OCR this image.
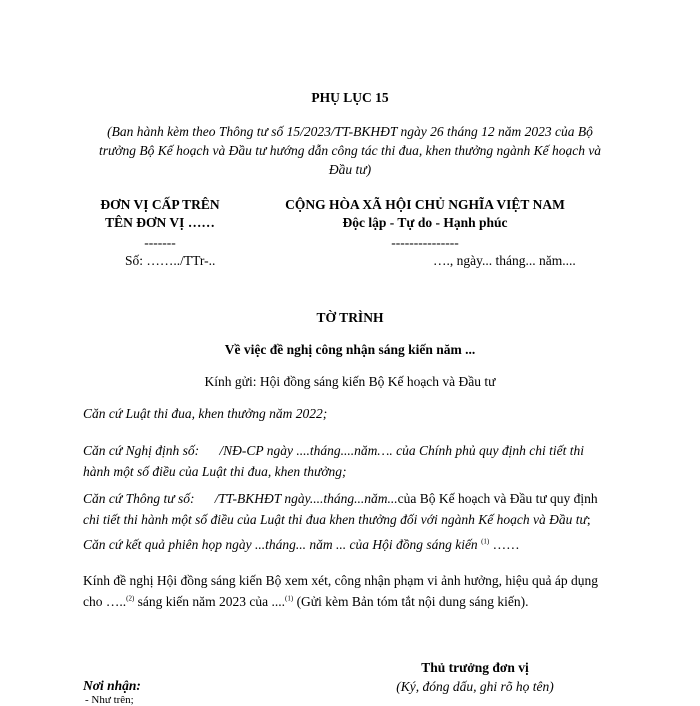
PHỤ LỤC 15
(Ban hành kèm theo Thông tư số 15/2023/TT-BKHĐT ngày 26 tháng 12 năm 2023 của Bộ
trưởng Bộ Kế hoạch và Đầu tư hướng dẫn công tác thi đua, khen thưởng ngành Kế hoạch và
Đầu tư)
ĐƠN VỊ CẤP TRÊN
TÊN ĐƠN VỊ ……
-------
Số: ……../TTr-..
CỘNG HÒA XÃ HỘI CHỦ NGHĨA VIỆT NAM
Độc lập - Tự do - Hạnh phúc
---------------
…., ngày... tháng... năm....
TỜ TRÌNH
Về việc đề nghị công nhận sáng kiến năm ...
Kính gửi: Hội đồng sáng kiến Bộ Kế hoạch và Đầu tư
Căn cứ Luật thi đua, khen thưởng năm 2022;
Căn cứ Nghị định số:      /NĐ-CP ngày ....tháng....năm…. của Chính phủ quy định chi tiết thi
hành một số điều của Luật thi đua, khen thưởng;
Căn cứ Thông tư số:      /TT-BKHĐT ngày....tháng...năm...của Bộ Kế hoạch và Đầu tư quy định
chi tiết thi hành một số điều của Luật thi đua khen thưởng đối với ngành Kế hoạch và Đầu tư;
Căn cứ kết quả phiên họp ngày ...tháng... năm ... của Hội đồng sáng kiến $^{(1)}$ ……
Kính đề nghị Hội đồng sáng kiến Bộ xem xét, công nhận phạm vi ảnh hưởng, hiệu quả áp dụng
cho …..$^{(2)}$ sáng kiến năm 2023 của ....$^{(1)}$ (Gửi kèm Bản tóm tắt nội dung sáng kiến).
Thủ trưởng đơn vị
(Ký, đóng dấu, ghi rõ họ tên)
Nơi nhận:
- Như trên;
